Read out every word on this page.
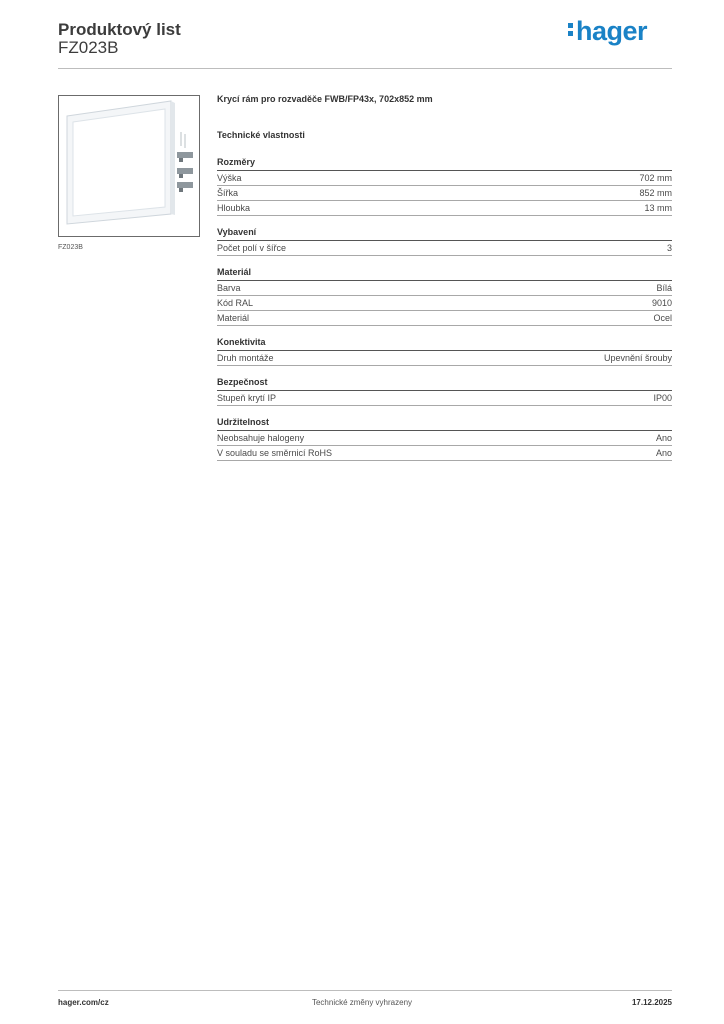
Produktový list
FZ023B
hager
FZ023B
Krycí rám pro rozvaděče FWB/FP43x, 702x852 mm
Technické vlastnosti
Rozměry
Výška	702 mm
Šířka	852 mm
Hloubka	13 mm
Vybavení
Počet polí v šířce	3
Materiál
Barva	Bílá
Kód RAL	9010
Materiál	Ocel
Konektivita
Druh montáže	Upevnění šrouby
Bezpečnost
Stupeň krytí IP	IP00
Udržitelnost
Neobsahuje halogeny	Ano
V souladu se směrnicí RoHS	Ano
hager.com/cz	Technické změny vyhrazeny	17.12.2025
